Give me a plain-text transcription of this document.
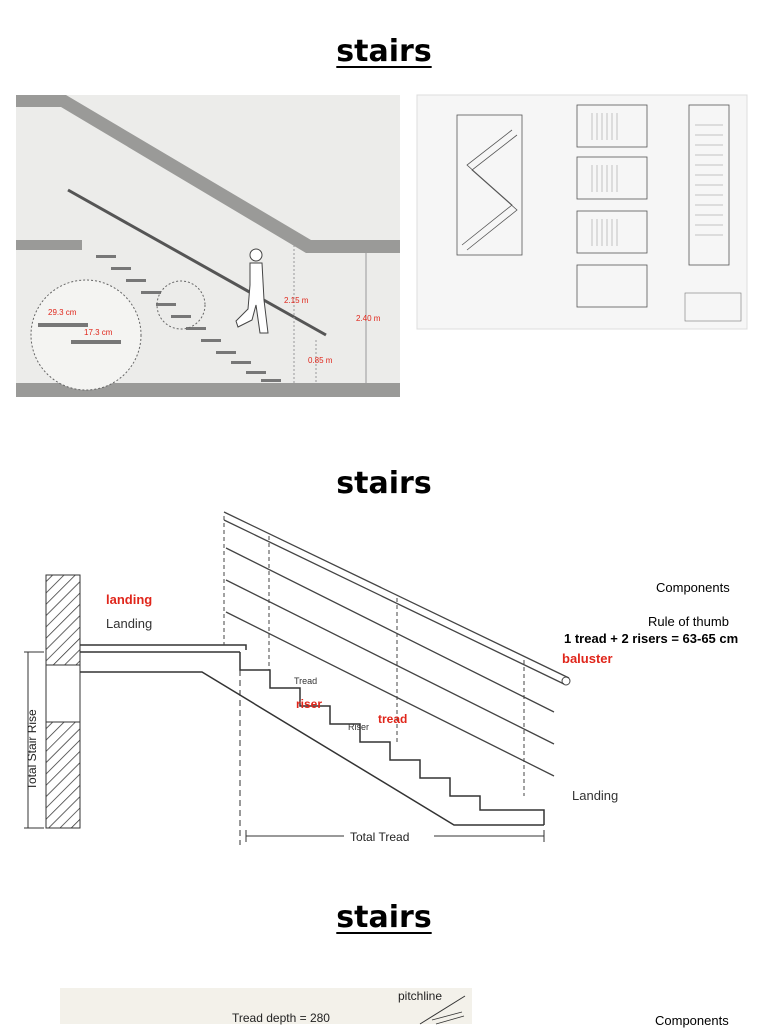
stairs
29.3 cm
17.3 cm
2.15 m
2.40 m
0.85 m
stairs
Total Stair Rise
Total Tread
landing
Landing
Tread
riser
Riser
tread
Landing
Components
Rule of thumb
1 tread + 2 risers = 63-65 cm
baluster
stairs
Tread depth = 280
pitchline
Components
